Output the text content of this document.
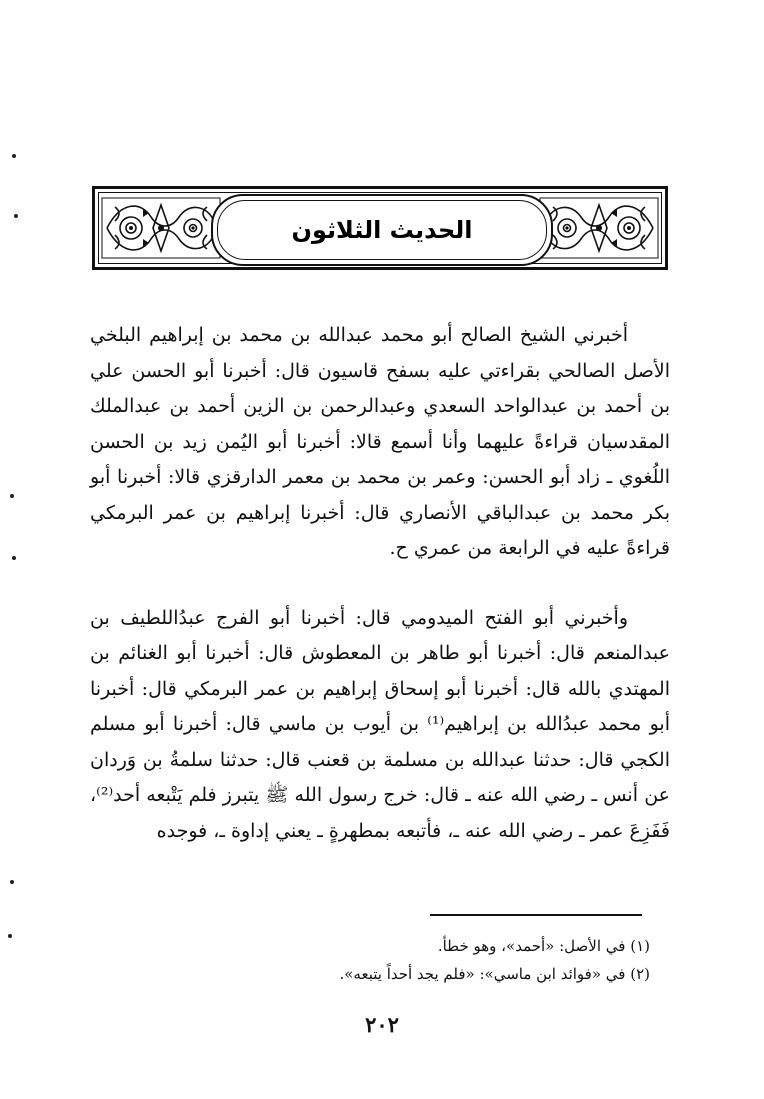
الحديث الثلاثون

أخبرني الشيخ الصالح أبو محمد عبدالله بن محمد بن إبراهيم البلخي الأصل الصالحي بقراءتي عليه بسفح قاسيون قال: أخبرنا أبو الحسن علي بن أحمد بن عبدالواحد السعدي وعبدالرحمن بن الزين أحمد بن عبدالملك المقدسيان قراءةً عليهما وأنا أسمع قالا: أخبرنا أبو اليُمن زيد بن الحسن اللُغوي ـ زاد أبو الحسن: وعمر بن محمد بن معمر الدارقزي قالا: أخبرنا أبو بكر محمد بن عبدالباقي الأنصاري قال: أخبرنا إبراهيم بن عمر البرمكي قراءةً عليه في الرابعة من عمري ح.

وأخبرني أبو الفتح الميدومي قال: أخبرنا أبو الفرج عبدُاللطيف بن عبدالمنعم قال: أخبرنا أبو طاهر بن المعطوش قال: أخبرنا أبو الغنائم بن المهتدي بالله قال: أخبرنا أبو إسحاق إبراهيم بن عمر البرمكي قال: أخبرنا أبو محمد عبدُالله بن إبراهيم⁽¹⁾ بن أيوب بن ماسي قال: أخبرنا أبو مسلم الكجي قال: حدثنا عبدالله بن مسلمة بن قعنب قال: حدثنا سلمةُ بن وَردان عن أنس ـ رضي الله عنه ـ قال: خرج رسول الله ﷺ يتبرز فلم يَتْبعه أحد⁽²⁾، فَفَزِعَ عمر ـ رضي الله عنه ـ، فأتبعه بمطهرةٍ ـ يعني إداوة ـ، فوجده

(١) في الأصل: «أحمد»، وهو خطأ.

(٢) في «فوائد ابن ماسي»: «فلم يجد أحداً يتبعه».

٢٠٢
